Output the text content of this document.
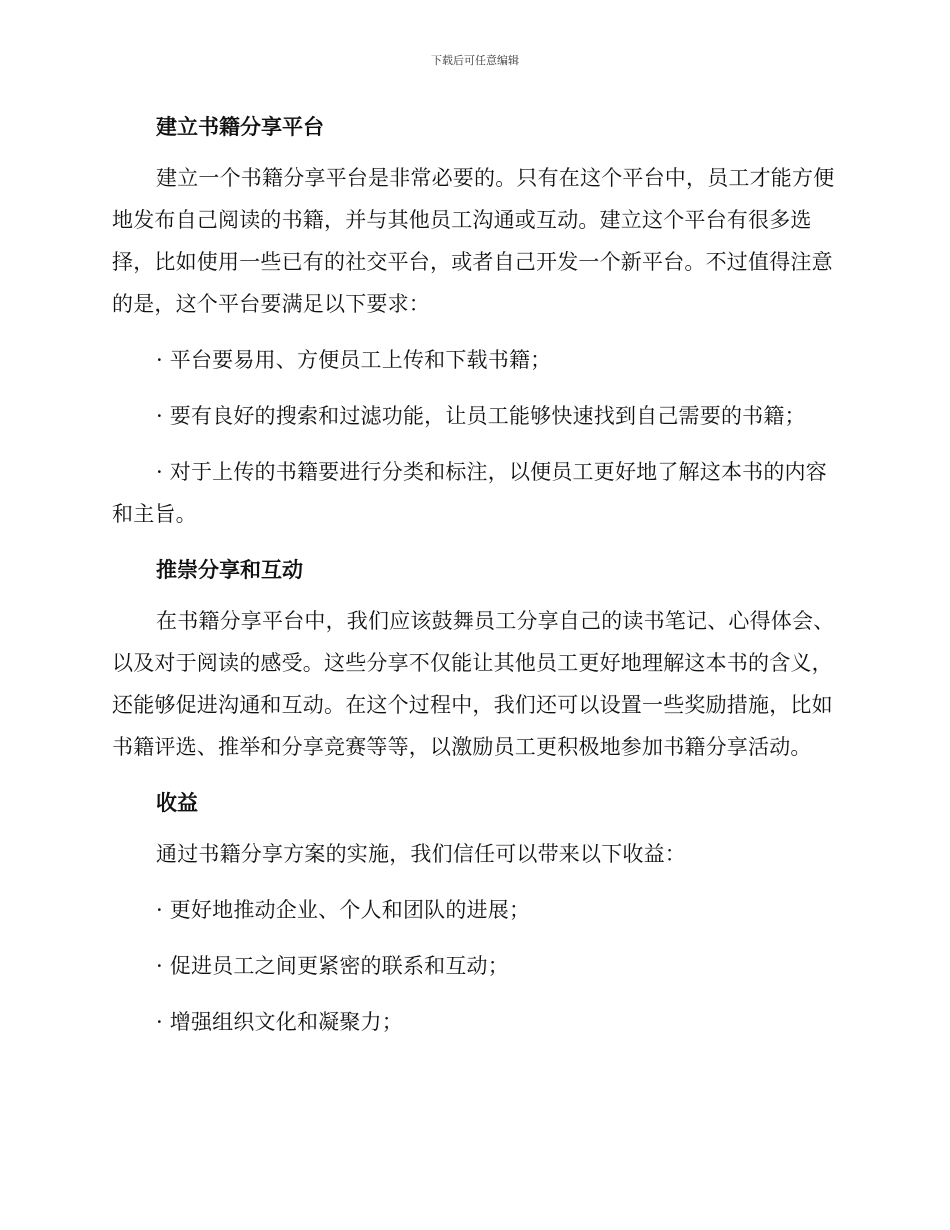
下载后可任意编辑
建立书籍分享平台

建立一个书籍分享平台是非常必要的。只有在这个平台中，员工才能方便地发布自己阅读的书籍，并与其他员工沟通或互动。建立这个平台有很多选择，比如使用一些已有的社交平台，或者自己开发一个新平台。不过值得注意的是，这个平台要满足以下要求：

· 平台要易用、方便员工上传和下载书籍；

· 要有良好的搜索和过滤功能，让员工能够快速找到自己需要的书籍；

· 对于上传的书籍要进行分类和标注，以便员工更好地了解这本书的内容和主旨。

推崇分享和互动

在书籍分享平台中，我们应该鼓舞员工分享自己的读书笔记、心得体会、以及对于阅读的感受。这些分享不仅能让其他员工更好地理解这本书的含义，还能够促进沟通和互动。在这个过程中，我们还可以设置一些奖励措施，比如书籍评选、推举和分享竞赛等等，以激励员工更积极地参加书籍分享活动。

收益

通过书籍分享方案的实施，我们信任可以带来以下收益：

· 更好地推动企业、个人和团队的进展；

· 促进员工之间更紧密的联系和互动；

· 增强组织文化和凝聚力；
